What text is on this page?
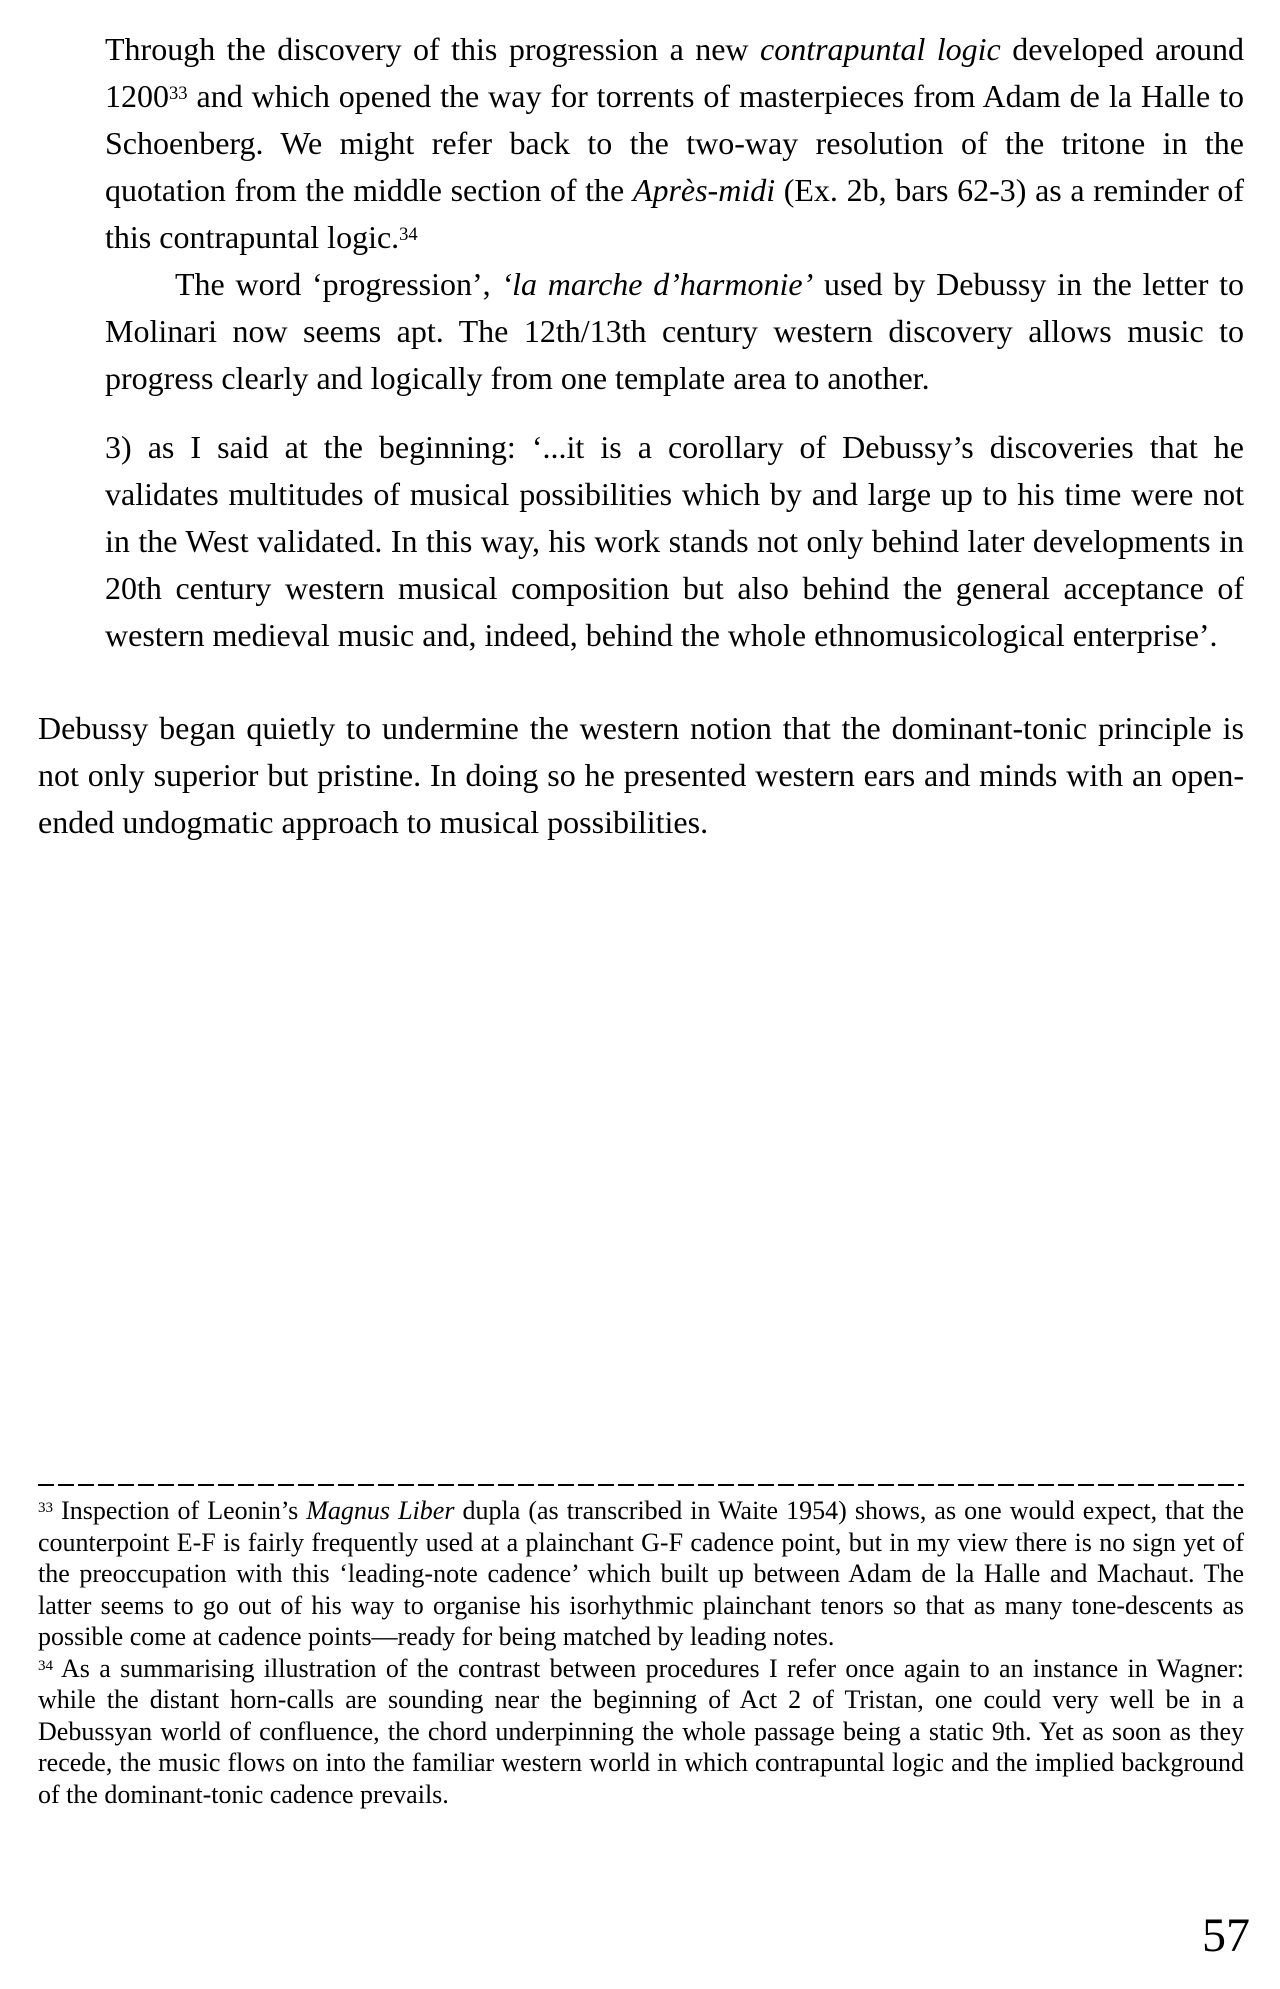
Through the discovery of this progression a new contrapuntal logic developed around 1200$^{33}$ and which opened the way for torrents of masterpieces from Adam de la Halle to Schoenberg. We might refer back to the two-way resolution of the tritone in the quotation from the middle section of the Après-midi (Ex. 2b, bars 62-3) as a reminder of this contrapuntal logic.$^{34}$

The word ‘progression’, ‘la marche d’harmonie’ used by Debussy in the letter to Molinari now seems apt. The 12th/13th century western discovery allows music to progress clearly and logically from one template area to another.

3) as I said at the beginning: ‘...it is a corollary of Debussy’s discoveries that he validates multitudes of musical possibilities which by and large up to his time were not in the West validated. In this way, his work stands not only behind later developments in 20th century western musical composition but also behind the general acceptance of western medieval music and, indeed, behind the whole ethnomusicological enterprise’.

Debussy began quietly to undermine the western notion that the dominant-tonic principle is not only superior but pristine. In doing so he presented western ears and minds with an open-ended undogmatic approach to musical possibilities.

$^{33}$ Inspection of Leonin’s Magnus Liber dupla (as transcribed in Waite 1954) shows, as one would expect, that the counterpoint E-F is fairly frequently used at a plainchant G-F cadence point, but in my view there is no sign yet of the preoccupation with this ‘leading-note cadence’ which built up between Adam de la Halle and Machaut. The latter seems to go out of his way to organise his isorhythmic plainchant tenors so that as many tone-descents as possible come at cadence points—ready for being matched by leading notes.

$^{34}$ As a summarising illustration of the contrast between procedures I refer once again to an instance in Wagner: while the distant horn-calls are sounding near the beginning of Act 2 of Tristan, one could very well be in a Debussyan world of confluence, the chord underpinning the whole passage being a static 9th. Yet as soon as they recede, the music flows on into the familiar western world in which contrapuntal logic and the implied background of the dominant-tonic cadence prevails.

57
